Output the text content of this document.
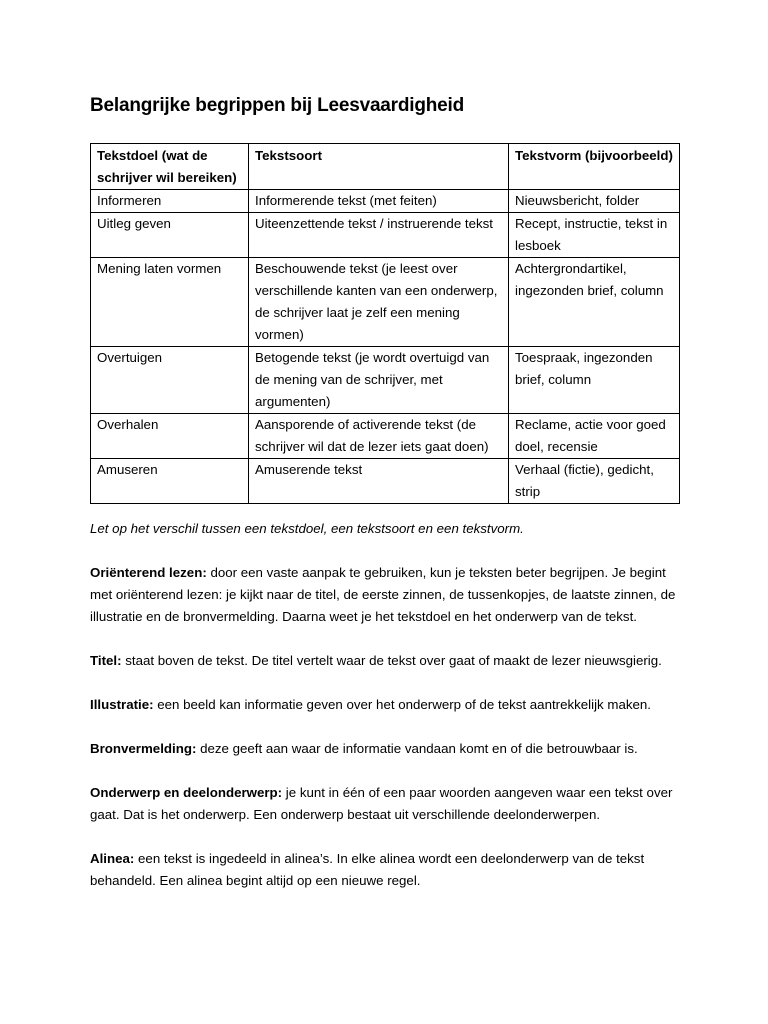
Belangrijke begrippen bij Leesvaardigheid
Tekstdoel (wat de schrijver wil bereiken)	Tekstsoort	Tekstvorm (bijvoorbeeld)
Informeren	Informerende tekst (met feiten)	Nieuwsbericht, folder
Uitleg geven	Uiteenzettende tekst / instruerende tekst	Recept, instructie, tekst in lesboek
Mening laten vormen	Beschouwende tekst (je leest over verschillende kanten van een onderwerp, de schrijver laat je zelf een mening vormen)	Achtergrondartikel, ingezonden brief, column
Overtuigen	Betogende tekst (je wordt overtuigd van de mening van de schrijver, met argumenten)	Toespraak, ingezonden brief, column
Overhalen	Aansporende of activerende tekst (de schrijver wil dat de lezer iets gaat doen)	Reclame, actie voor goed doel, recensie
Amuseren	Amuserende tekst	Verhaal (fictie), gedicht, strip

Let op het verschil tussen een tekstdoel, een tekstsoort en een tekstvorm.

Oriënterend lezen: door een vaste aanpak te gebruiken, kun je teksten beter begrijpen. Je begint met oriënterend lezen: je kijkt naar de titel, de eerste zinnen, de tussenkopjes, de laatste zinnen, de illustratie en de bronvermelding. Daarna weet je het tekstdoel en het onderwerp van de tekst.

Titel: staat boven de tekst. De titel vertelt waar de tekst over gaat of maakt de lezer nieuwsgierig.

Illustratie: een beeld kan informatie geven over het onderwerp of de tekst aantrekkelijk maken.

Bronvermelding: deze geeft aan waar de informatie vandaan komt en of die betrouwbaar is.

Onderwerp en deelonderwerp: je kunt in één of een paar woorden aangeven waar een tekst over gaat. Dat is het onderwerp. Een onderwerp bestaat uit verschillende deelonderwerpen.

Alinea: een tekst is ingedeeld in alinea’s. In elke alinea wordt een deelonderwerp van de tekst behandeld. Een alinea begint altijd op een nieuwe regel.
